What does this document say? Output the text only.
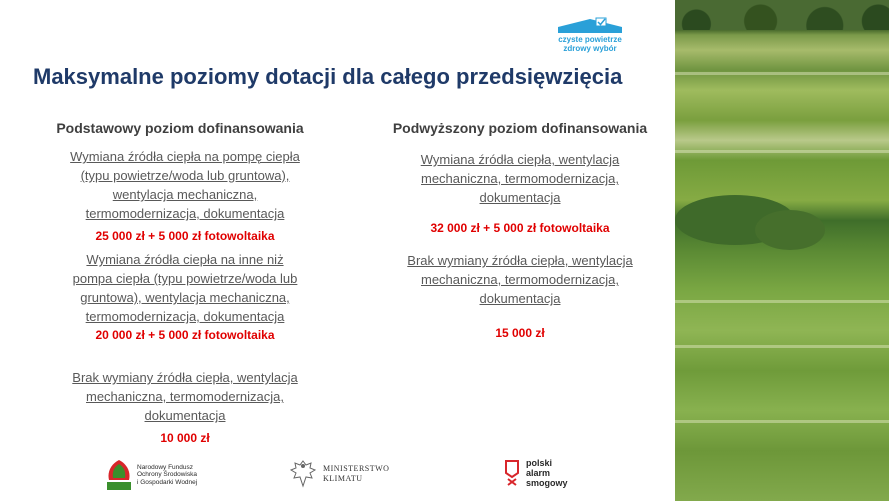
czyste powietrze
zdrowy wybór
Maksymalne poziomy dotacji dla całego przedsięwzięcia
Podstawowy poziom dofinansowania
Wymiana źródła ciepła na pompę ciepła (typu powietrze/woda lub gruntowa), wentylacja mechaniczna, termomodernizacja, dokumentacja
25 000 zł + 5 000 zł fotowoltaika
Wymiana źródła ciepła na inne niż pompa ciepła (typu powietrze/woda lub gruntowa), wentylacja mechaniczna, termomodernizacja, dokumentacja
20 000 zł + 5 000 zł fotowoltaika
Brak wymiany źródła ciepła, wentylacja mechaniczna, termomodernizacja, dokumentacja
10 000 zł
Podwyższony poziom dofinansowania
Wymiana źródła ciepła, wentylacja mechaniczna, termomodernizacja, dokumentacja
32 000 zł + 5 000 zł fotowoltaika
Brak wymiany źródła ciepła, wentylacja mechaniczna, termomodernizacja, dokumentacja
15 000 zł
Narodowy Fundusz
Ochrony Środowiska
i Gospodarki Wodnej
MINISTERSTWO
KLIMATU
polski
alarm
smogowy
